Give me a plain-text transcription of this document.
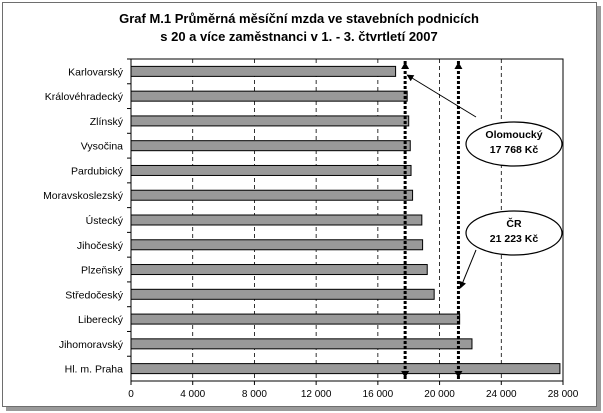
Graf M.1 Průměrná měsíční mzda ve stavebních podnicích
s 20 a více zaměstnanci v 1. - 3. čtvrtletí 2007
0	4 000	8 000	12 000	16 000	20 000	24 000	28 000
Karlovarský
Královéhradecký
Zlínský
Vysočina
Pardubický
Moravskoslezský
Ústecký
Jihočeský
Plzeňský
Středočeský
Liberecký
Jihomoravský
Hl. m. Praha
Olomoucký
17 768 Kč
ČR
21 223 Kč
